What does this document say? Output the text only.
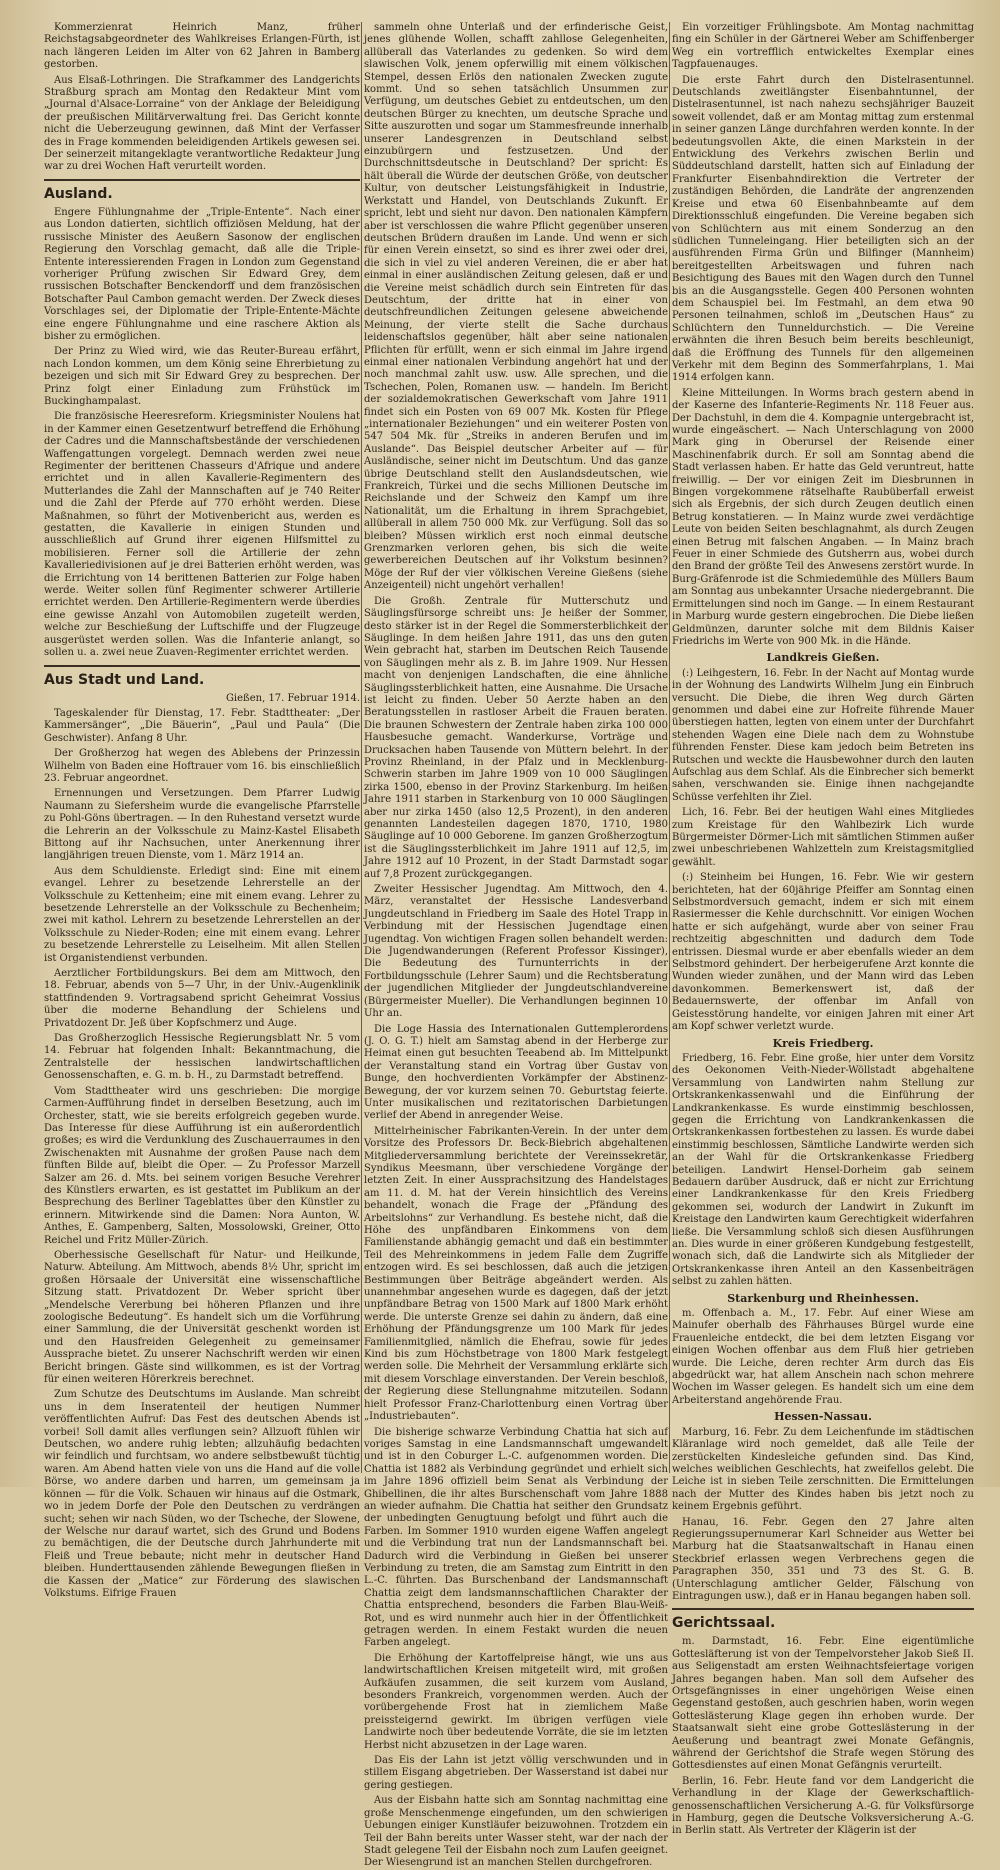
Kommerzienrat Heinrich Manz, früher Reichstagsabgeordneter des Wahlkreises Erlangen-Fürth, ist nach längeren Leiden im Alter von 62 Jahren in Bamberg gestorben.

Aus Elsaß-Lothringen. Die Strafkammer des Landgerichts Straßburg sprach am Montag den Redakteur Mint vom „Journal d'Alsace-Lorraine“ von der Anklage der Beleidigung der preußischen Militärverwaltung frei. Das Gericht konnte nicht die Ueberzeugung gewinnen, daß Mint der Verfasser des in Frage kommenden beleidigenden Artikels gewesen sei. Der seinerzeit mitangeklagte verantwortliche Redakteur Jung war zu drei Wochen Haft verurteilt worden.

Ausland.

Engere Fühlungnahme der „Triple-Entente“. Nach einer aus London datierten, sichtlich offiziösen Meldung, hat der russische Minister des Aeußern Sasonow der englischen Regierung den Vorschlag gemacht, daß alle die Triple-Entente interessierenden Fragen in London zum Gegenstand vorheriger Prüfung zwischen Sir Edward Grey, dem russischen Botschafter Benckendorff und dem französischen Botschafter Paul Cambon gemacht werden. Der Zweck dieses Vorschlages sei, der Diplomatie der Triple-Entente-Mächte eine engere Fühlungnahme und eine raschere Aktion als bisher zu ermöglichen.

Der Prinz zu Wied wird, wie das Reuter-Bureau erfährt, nach London kommen, um dem König seine Ehrerbietung zu bezeigen und sich mit Sir Edward Grey zu besprechen. Der Prinz folgt einer Einladung zum Frühstück im Buckinghampalast.

Die französische Heeresreform. Kriegsminister Noulens hat in der Kammer einen Gesetzentwurf betreffend die Erhöhung der Cadres und die Mannschaftsbestände der verschiedenen Waffengattungen vorgelegt. Demnach werden zwei neue Regimenter der berittenen Chasseurs d'Afrique und andere errichtet und in allen Kavallerie-Regimentern des Mutterlandes die Zahl der Mannschaften auf je 740 Reiter und die Zahl der Pferde auf 770 erhöht werden. Diese Maßnahmen, so führt der Motivenbericht aus, werden es gestatten, die Kavallerie in einigen Stunden und ausschließlich auf Grund ihrer eigenen Hilfsmittel zu mobilisieren. Ferner soll die Artillerie der zehn Kavalleriedivisionen auf je drei Batterien erhöht werden, was die Errichtung von 14 berittenen Batterien zur Folge haben werde. Weiter sollen fünf Regimenter schwerer Artillerie errichtet werden. Den Artillerie-Regimentern werde überdies eine gewisse Anzahl von Automobilen zugeteilt werden, welche zur Beschießung der Luftschiffe und der Flugzeuge ausgerüstet werden sollen. Was die Infanterie anlangt, so sollen u. a. zwei neue Zuaven-Regimenter errichtet werden.

Aus Stadt und Land.

Gießen, 17. Februar 1914.

Tageskalender für Dienstag, 17. Febr. Stadttheater: „Der Kammersänger“, „Die Bäuerin“, „Paul und Paula“ (Die Geschwister). Anfang 8 Uhr.

Der Großherzog hat wegen des Ablebens der Prinzessin Wilhelm von Baden eine Hoftrauer vom 16. bis einschließlich 23. Februar angeordnet.

Ernennungen und Versetzungen. Dem Pfarrer Ludwig Naumann zu Siefersheim wurde die evangelische Pfarrstelle zu Pohl-Göns übertragen. — In den Ruhestand versetzt wurde die Lehrerin an der Volksschule zu Mainz-Kastel Elisabeth Bittong auf ihr Nachsuchen, unter Anerkennung ihrer langjährigen treuen Dienste, vom 1. März 1914 an.

Aus dem Schuldienste. Erledigt sind: Eine mit einem evangel. Lehrer zu besetzende Lehrerstelle an der Volksschule zu Kettenheim; eine mit einem evang. Lehrer zu besetzende Lehrerstelle an der Volksschule zu Bechenheim; zwei mit kathol. Lehrern zu besetzende Lehrerstellen an der Volksschule zu Nieder-Roden; eine mit einem evang. Lehrer zu besetzende Lehrerstelle zu Leiselheim. Mit allen Stellen ist Organistendienst verbunden.

Aerztlicher Fortbildungskurs. Bei dem am Mittwoch, den 18. Februar, abends von 5—7 Uhr, in der Univ.-Augenklinik stattfindenden 9. Vortragsabend spricht Geheimrat Vossius über die moderne Behandlung der Schielens und Privatdozent Dr. Jeß über Kopfschmerz und Auge.

Das Großherzoglich Hessische Regierungsblatt Nr. 5 vom 14. Februar hat folgenden Inhalt: Bekanntmachung, die Zentralstelle der hessischen landwirtschaftlichen Genossenschaften, e. G. m. b. H., zu Darmstadt betreffend.

Vom Stadttheater wird uns geschrieben: Die morgige Carmen-Aufführung findet in derselben Besetzung, auch im Orchester, statt, wie sie bereits erfolgreich gegeben wurde. Das Interesse für diese Aufführung ist ein außerordentlich großes; es wird die Verdunklung des Zuschauerraumes in den Zwischenakten mit Ausnahme der großen Pause nach dem fünften Bilde auf, bleibt die Oper. — Zu Professor Marzell Salzer am 26. d. Mts. bei seinem vorigen Besuche Verehrer des Künstlers erwarten, es ist gestattet im Publikum an der Besprechung des Berliner Tageblattes über den Künstler zu erinnern. Mitwirkende sind die Damen: Nora Aunton, W. Anthes, E. Gampenberg, Salten, Mossolowski, Greiner, Otto Reichel und Fritz Müller-Zürich.

Oberhessische Gesellschaft für Natur- und Heilkunde, Naturw. Abteilung. Am Mittwoch, abends 8½ Uhr, spricht im großen Hörsaale der Universität eine wissenschaftliche Sitzung statt. Privatdozent Dr. Weber spricht über „Mendelsche Vererbung bei höheren Pflanzen und ihre zoologische Bedeutung“. Es handelt sich um die Vorführung einer Sammlung, die der Universität geschenkt worden ist und den Hausfreiden Gelegenheit zu gemeinsamer Aussprache bietet. Zu unserer Nachschrift werden wir einen Bericht bringen. Gäste sind willkommen, es ist der Vortrag für einen weiteren Hörerkreis berechnet.

Zum Schutze des Deutschtums im Auslande. Man schreibt uns in dem Inseratenteil der heutigen Nummer veröffentlichten Aufruf: Das Fest des deutschen Abends ist vorbei! Soll damit alles verflungen sein? Allzuoft fühlen wir Deutschen, wo andere ruhig lebten; allzuhäufig bedachten wir feindlich und furchtsam, wo andere selbstbewußt tüchtig waren. Am Abend hatten viele von uns die Hand auf die volle Börse, wo andere darben und harren, um gemeinsam ja können — für die Volk. Schauen wir hinaus auf die Ostmark, wo in jedem Dorfe der Pole den Deutschen zu verdrängen sucht; sehen wir nach Süden, wo der Tscheche, der Slowene, der Welsche nur darauf wartet, sich des Grund und Bodens zu bemächtigen, die der Deutsche durch Jahrhunderte mit Fleiß und Treue bebaute; nicht mehr in deutscher Hand bleiben. Hunderttausenden zählende Bewegungen fließen in die Kassen der „Matice“ zur Förderung des slawischen Volkstums. Eifrige Frauen

sammeln ohne Unterlaß und der erfinderische Geist, jenes glühende Wollen, schafft zahllose Gelegenheiten, allüberall das Vaterlandes zu gedenken. So wird dem slawischen Volk, jenem opferwillig mit einem völkischen Stempel, dessen Erlös den nationalen Zwecken zugute kommt. Und so sehen tatsächlich Unsummen zur Verfügung, um deutsches Gebiet zu entdeutschen, um den deutschen Bürger zu knechten, um deutsche Sprache und Sitte auszurotten und sogar um Stammesfreunde innerhalb unserer Landesgrenzen in Deutschland selbst einzubürgern und festzusetzen. Und der Durchschnittsdeutsche in Deutschland? Der spricht: Es hält überall die Würde der deutschen Größe, von deutscher Kultur, von deutscher Leistungsfähigkeit in Industrie, Werkstatt und Handel, von Deutschlands Zukunft. Er spricht, lebt und sieht nur davon. Den nationalen Kämpfern aber ist verschlossen die wahre Pflicht gegenüber unseren deutschen Brüdern draußen im Lande. Und wenn er sich für einen Verein einsetzt, so sind es ihrer zwei oder drei, die sich in viel zu viel anderen Vereinen, die er aber hat einmal in einer ausländischen Zeitung gelesen, daß er und die Vereine meist schädlich durch sein Eintreten für das Deutschtum, der dritte hat in einer von deutschfreundlichen Zeitungen gelesene abweichende Meinung, der vierte stellt die Sache durchaus leidenschaftslos gegenüber, hält aber seine nationalen Pflichten für erfüllt, wenn er sich einmal im Jahre irgend einmal einer nationalen Verbindung angehört hat und der noch manchmal zahlt usw. usw. Alle sprechen, und die Tschechen, Polen, Romanen usw. — handeln. Im Bericht der sozialdemokratischen Gewerkschaft vom Jahre 1911 findet sich ein Posten von 69 007 Mk. Kosten für Pflege „internationaler Beziehungen“ und ein weiterer Posten von 547 504 Mk. für „Streiks in anderen Berufen und im Auslande“. Das Beispiel deutscher Arbeiter auf — für Ausländische, seiner nicht im Deutschtum. Und das ganze übrige Deutschland stellt den Auslandsdeutschen, wie Frankreich, Türkei und die sechs Millionen Deutsche im Reichslande und der Schweiz den Kampf um ihre Nationalität, um die Erhaltung in ihrem Sprachgebiet, allüberall in allem 750 000 Mk. zur Verfügung. Soll das so bleiben? Müssen wirklich erst noch einmal deutsche Grenzmarken verloren gehen, bis sich die weite gewerbereichen Deutschen auf ihr Volkstum besinnen? Möge der Ruf der vier völkischen Vereine Gießens (siehe Anzeigenteil) nicht ungehört verhallen!

Die Großh. Zentrale für Mutterschutz und Säuglingsfürsorge schreibt uns: Je heißer der Sommer, desto stärker ist in der Regel die Sommersterblichkeit der Säuglinge. In dem heißen Jahre 1911, das uns den guten Wein gebracht hat, starben im Deutschen Reich Tausende von Säuglingen mehr als z. B. im Jahre 1909. Nur Hessen macht von denjenigen Landschaften, die eine ähnliche Säuglingssterblichkeit hatten, eine Ausnahme. Die Ursache ist leicht zu finden. Ueber 50 Aerzte haben an den Beratungsstellen in rastloser Arbeit die Frauen beraten. Die braunen Schwestern der Zentrale haben zirka 100 000 Hausbesuche gemacht. Wanderkurse, Vorträge und Drucksachen haben Tausende von Müttern belehrt. In der Provinz Rheinland, in der Pfalz und in Mecklenburg-Schwerin starben im Jahre 1909 von 10 000 Säuglingen zirka 1500, ebenso in der Provinz Starkenburg. Im heißen Jahre 1911 starben in Starkenburg von 10 000 Säuglingen aber nur zirka 1450 (also 12,5 Prozent), in den anderen genannten Landesteilen dagegen 1870, 1710, 1980 Säuglinge auf 10 000 Geborene. Im ganzen Großherzogtum ist die Säuglingssterblichkeit im Jahre 1911 auf 12,5, im Jahre 1912 auf 10 Prozent, in der Stadt Darmstadt sogar auf 7,8 Prozent zurückgegangen.

Zweiter Hessischer Jugendtag. Am Mittwoch, den 4. März, veranstaltet der Hessische Landesverband Jungdeutschland in Friedberg im Saale des Hotel Trapp in Verbindung mit der Hessischen Jugendtage einen Jugendtag. Von wichtigen Fragen sollen behandelt werden: Die Jugendwanderungen (Referent Professor Kissinger), Die Bedeutung des Turnunterrichts in der Fortbildungsschule (Lehrer Saum) und die Rechtsberatung der jugendlichen Mitglieder der Jungdeutschlandvereine (Bürgermeister Mueller). Die Verhandlungen beginnen 10 Uhr an.

Die Loge Hassia des Internationalen Guttemplerordens (J. O. G. T.) hielt am Samstag abend in der Herberge zur Heimat einen gut besuchten Teeabend ab. Im Mittelpunkt der Veranstaltung stand ein Vortrag über Gustav von Bunge, den hochverdienten Vorkämpfer der Abstinenz-Bewegung, der vor kurzem seinen 70. Geburtstag feierte. Unter musikalischen und rezitatorischen Darbietungen verlief der Abend in anregender Weise.

Mittelrheinischer Fabrikanten-Verein. In der unter dem Vorsitze des Professors Dr. Beck-Biebrich abgehaltenen Mitgliederversammlung berichtete der Vereinssekretär, Syndikus Meesmann, über verschiedene Vorgänge der letzten Zeit. In einer Aussprachsitzung des Handelstages am 11. d. M. hat der Verein hinsichtlich des Vereins behandelt, wonach die Frage der „Pfändung des Arbeitslohns“ zur Verhandlung. Es bestehe nicht, daß die Höhe des unpfändbaren Einkommens von dem Familienstande abhängig gemacht und daß ein bestimmter Teil des Mehreinkommens in jedem Falle dem Zugriffe entzogen wird. Es sei beschlossen, daß auch die jetzigen Bestimmungen über Beiträge abgeändert werden. Als unannehmbar angesehen wurde es dagegen, daß der jetzt unpfändbare Betrag von 1500 Mark auf 1800 Mark erhöht werde. Die unterste Grenze sei dahin zu ändern, daß eine Erhöhung der Pfändungsgrenze um 100 Mark für jedes Familienmitglied, nämlich die Ehefrau, sowie für jedes Kind bis zum Höchstbetrage von 1800 Mark festgelegt werden solle. Die Mehrheit der Versammlung erklärte sich mit diesem Vorschlage einverstanden. Der Verein beschloß, der Regierung diese Stellungnahme mitzuteilen. Sodann hielt Professor Franz-Charlottenburg einen Vortrag über „Industriebauten“.

Die bisherige schwarze Verbindung Chattia hat sich auf voriges Samstag in eine Landsmannschaft umgewandelt und ist in den Coburger L.-C. aufgenommen worden. Die Chattia ist 1882 als Verbindung gegründet und erhielt sich im Jahre 1896 offiziell beim Senat als Verbindung der Ghibellinen, die ihr altes Burschenschaft vom Jahre 1888 an wieder aufnahm. Die Chattia hat seither den Grundsatz der unbedingten Genugtuung befolgt und führt auch die Farben. Im Sommer 1910 wurden eigene Waffen angelegt und die Verbindung trat nun der Landsmannschaft bei. Dadurch wird die Verbindung in Gießen bei unserer Verbindung zu treten, die am Samstag zum Eintritt in den L.-C. führten. Das Burschenband der Landsmannschaft Chattia zeigt dem landsmannschaftlichen Charakter der Chattia entsprechend, besonders die Farben Blau-Weiß-Rot, und es wird nunmehr auch hier in der Öffentlichkeit getragen werden. In einem Festakt wurden die neuen Farben angelegt.

Die Erhöhung der Kartoffelpreise hängt, wie uns aus landwirtschaftlichen Kreisen mitgeteilt wird, mit großen Aufkäufen zusammen, die seit kurzem vom Ausland, besonders Frankreich, vorgenommen werden. Auch der vorübergehende Frost hat in ziemlichem Maße preissteigernd gewirkt. Im übrigen verfügen viele Landwirte noch über bedeutende Vorräte, die sie im letzten Herbst nicht abzusetzen in der Lage waren.

Das Eis der Lahn ist jetzt völlig verschwunden und in stillem Eisgang abgetrieben. Der Wasserstand ist dabei nur gering gestiegen.

Aus der Eisbahn hatte sich am Sonntag nachmittag eine große Menschenmenge eingefunden, um den schwierigen Uebungen einiger Kunstläufer beizuwohnen. Trotzdem ein Teil der Bahn bereits unter Wasser steht, war der nach der Stadt gelegene Teil der Eisbahn noch zum Laufen geeignet. Der Wiesengrund ist an manchen Stellen durchgefroren.

Ein vorzeitiger Frühlingsbote. Am Montag nachmittag fing ein Schüler in der Gärtnerei Weber am Schiffenberger Weg ein vortrefflich entwickeltes Exemplar eines Tagpfauenauges.

Die erste Fahrt durch den Distelrasentunnel. Deutschlands zweitlängster Eisenbahntunnel, der Distelrasentunnel, ist nach nahezu sechsjähriger Bauzeit soweit vollendet, daß er am Montag mittag zum erstenmal in seiner ganzen Länge durchfahren werden konnte. In der bedeutungsvollen Akte, die einen Markstein in der Entwicklung des Verkehrs zwischen Berlin und Süddeutschland darstellt, hatten sich auf Einladung der Frankfurter Eisenbahndirektion die Vertreter der zuständigen Behörden, die Landräte der angrenzenden Kreise und etwa 60 Eisenbahnbeamte auf dem Direktionsschluß eingefunden. Die Vereine begaben sich von Schlüchtern aus mit einem Sonderzug an den südlichen Tunneleingang. Hier beteiligten sich an der ausführenden Firma Grün und Bilfinger (Mannheim) bereitgestellten Arbeitswagen und fuhren nach Besichtigung des Baues mit den Wagen durch den Tunnel bis an die Ausgangsstelle. Gegen 400 Personen wohnten dem Schauspiel bei. Im Festmahl, an dem etwa 90 Personen teilnahmen, schloß im „Deutschen Haus“ zu Schlüchtern den Tunneldurchstich. — Die Vereine erwähnten die ihren Besuch beim bereits beschleunigt, daß die Eröffnung des Tunnels für den allgemeinen Verkehr mit dem Beginn des Sommerfahrplans, 1. Mai 1914 erfolgen kann.

Kleine Mitteilungen. In Worms brach gestern abend in der Kaserne des Infanterie-Regiments Nr. 118 Feuer aus. Der Dachstuhl, in dem die 4. Kompagnie untergebracht ist, wurde eingeäschert. — Nach Unterschlagung von 2000 Mark ging in Oberursel der Reisende einer Maschinenfabrik durch. Er soll am Sonntag abend die Stadt verlassen haben. Er hatte das Geld veruntreut, hatte freiwillig. — Der vor einigen Zeit im Diesbrunnen in Bingen vorgekommene rätselhafte Raubüberfall erweist sich als Ergebnis, der sich durch Zeugen deutlich einen Betrug konstatieren. — In Mainz wurde zwei verdächtige Leute von beiden Seiten beschlagnahmt, als durch Zeugen einen Betrug mit falschen Angaben. — In Mainz brach Feuer in einer Schmiede des Gutsherrn aus, wobei durch den Brand der größte Teil des Anwesens zerstört wurde. In Burg-Gräfenrode ist die Schmiedemühle des Müllers Baum am Sonntag aus unbekannter Ursache niedergebrannt. Die Ermittelungen sind noch im Gange. — In einem Restaurant in Marburg wurde gestern eingebrochen. Die Diebe ließen Geldmünzen, darunter solche mit dem Bildnis Kaiser Friedrichs im Werte von 900 Mk. in die Hände.

Landkreis Gießen.

(:) Leihgestern, 16. Febr. In der Nacht auf Montag wurde in der Wohnung des Landwirts Wilhelm Jung ein Einbruch versucht. Die Diebe, die ihren Weg durch Gärten genommen und dabei eine zur Hofreite führende Mauer überstiegen hatten, legten von einem unter der Durchfahrt stehenden Wagen eine Diele nach dem zu Wohnstube führenden Fenster. Diese kam jedoch beim Betreten ins Rutschen und weckte die Hausbewohner durch den lauten Aufschlag aus dem Schlaf. Als die Einbrecher sich bemerkt sahen, verschwanden sie. Einige ihnen nachgejandte Schüsse verfehlten ihr Ziel.

Lich, 16. Febr. Bei der heutigen Wahl eines Mitgliedes zum Kreistage für den Wahlbezirk Lich wurde Bürgermeister Dörmer-Lich mit sämtlichen Stimmen außer zwei unbeschriebenen Wahlzetteln zum Kreistagsmitglied gewählt.

(:) Steinheim bei Hungen, 16. Febr. Wie wir gestern berichteten, hat der 60jährige Pfeiffer am Sonntag einen Selbstmordversuch gemacht, indem er sich mit einem Rasiermesser die Kehle durchschnitt. Vor einigen Wochen hatte er sich aufgehängt, wurde aber von seiner Frau rechtzeitig abgeschnitten und dadurch dem Tode entrissen. Diesmal wurde er aber ebenfalls wieder an dem Selbstmord gehindert. Der herbeigerufene Arzt konnte die Wunden wieder zunähen, und der Mann wird das Leben davonkommen. Bemerkenswert ist, daß der Bedauernswerte, der offenbar im Anfall von Geistesstörung handelte, vor einigen Jahren mit einer Art am Kopf schwer verletzt wurde.

Kreis Friedberg.

Friedberg, 16. Febr. Eine große, hier unter dem Vorsitz des Oekonomen Veith-Nieder-Wöllstadt abgehaltene Versammlung von Landwirten nahm Stellung zur Ortskrankenkassenwahl und die Einführung der Landkrankenkasse. Es wurde einstimmig beschlossen, gegen die Errichtung von Landkrankenkassen die Ortskrankenkassen fortbestehen zu lassen. Es wurde dabei einstimmig beschlossen, Sämtliche Landwirte werden sich an der Wahl für die Ortskrankenkasse Friedberg beteiligen. Landwirt Hensel-Dorheim gab seinem Bedauern darüber Ausdruck, daß er nicht zur Errichtung einer Landkrankenkasse für den Kreis Friedberg gekommen sei, wodurch der Landwirt in Zukunft im Kreistage den Landwirten kaum Gerechtigkeit widerfahren ließe. Die Versammlung schloß sich diesen Ausführungen an. Dies wurde in einer größeren Kundgebung festgestellt, wonach sich, daß die Landwirte sich als Mitglieder der Ortskrankenkasse ihren Anteil an den Kassenbeiträgen selbst zu zahlen hätten.

Starkenburg und Rheinhessen.

m. Offenbach a. M., 17. Febr. Auf einer Wiese am Mainufer oberhalb des Fährhauses Bürgel wurde eine Frauenleiche entdeckt, die bei dem letzten Eisgang vor einigen Wochen offenbar aus dem Fluß hier getrieben wurde. Die Leiche, deren rechter Arm durch das Eis abgedrückt war, hat allem Anschein nach schon mehrere Wochen im Wasser gelegen. Es handelt sich um eine dem Arbeiterstand angehörende Frau.

Hessen-Nassau.

Marburg, 16. Febr. Zu dem Leichenfunde im städtischen Kläranlage wird noch gemeldet, daß alle Teile der zerstückelten Kindesleiche gefunden sind. Das Kind, welches weiblichen Geschlechts, hat zweifellos gelebt. Die Leiche ist in sieben Teile zerschnitten. Die Ermittelungen nach der Mutter des Kindes haben bis jetzt noch zu keinem Ergebnis geführt.

Hanau, 16. Febr. Gegen den 27 Jahre alten Regierungssupernumerar Karl Schneider aus Wetter bei Marburg hat die Staatsanwaltschaft in Hanau einen Steckbrief erlassen wegen Verbrechens gegen die Paragraphen 350, 351 und 73 des St. G. B. (Unterschlagung amtlicher Gelder, Fälschung von Eintragungen usw.), daß er in Hanau begangen haben soll.

Gerichtssaal.

m. Darmstadt, 16. Febr. Eine eigentümliche Gottesläfterung ist von der Tempelvorsteher Jakob Sieß II. aus Seligenstadt am ersten Weihnachtsfeiertage vorigen Jahres begangen haben. Man soll dem Aufseher des Ortsgefängnisses in einer ungehörigen Weise einen Gegenstand gestoßen, auch geschrien haben, worin wegen Gotteslästerung Klage gegen ihn erhoben wurde. Der Staatsanwalt sieht eine grobe Gotteslästerung in der Aeußerung und beantragt zwei Monate Gefängnis, während der Gerichtshof die Strafe wegen Störung des Gottesdienstes auf einen Monat Gefängnis verurteilt.

Berlin, 16. Febr. Heute fand vor dem Landgericht die Verhandlung in der Klage der Gewerkschaftlich-genossenschaftlichen Versicherung A.-G. für Volksfürsorge in Hamburg, gegen die Deutsche Volksversicherung A.-G. in Berlin statt. Als Vertreter der Klägerin ist der
